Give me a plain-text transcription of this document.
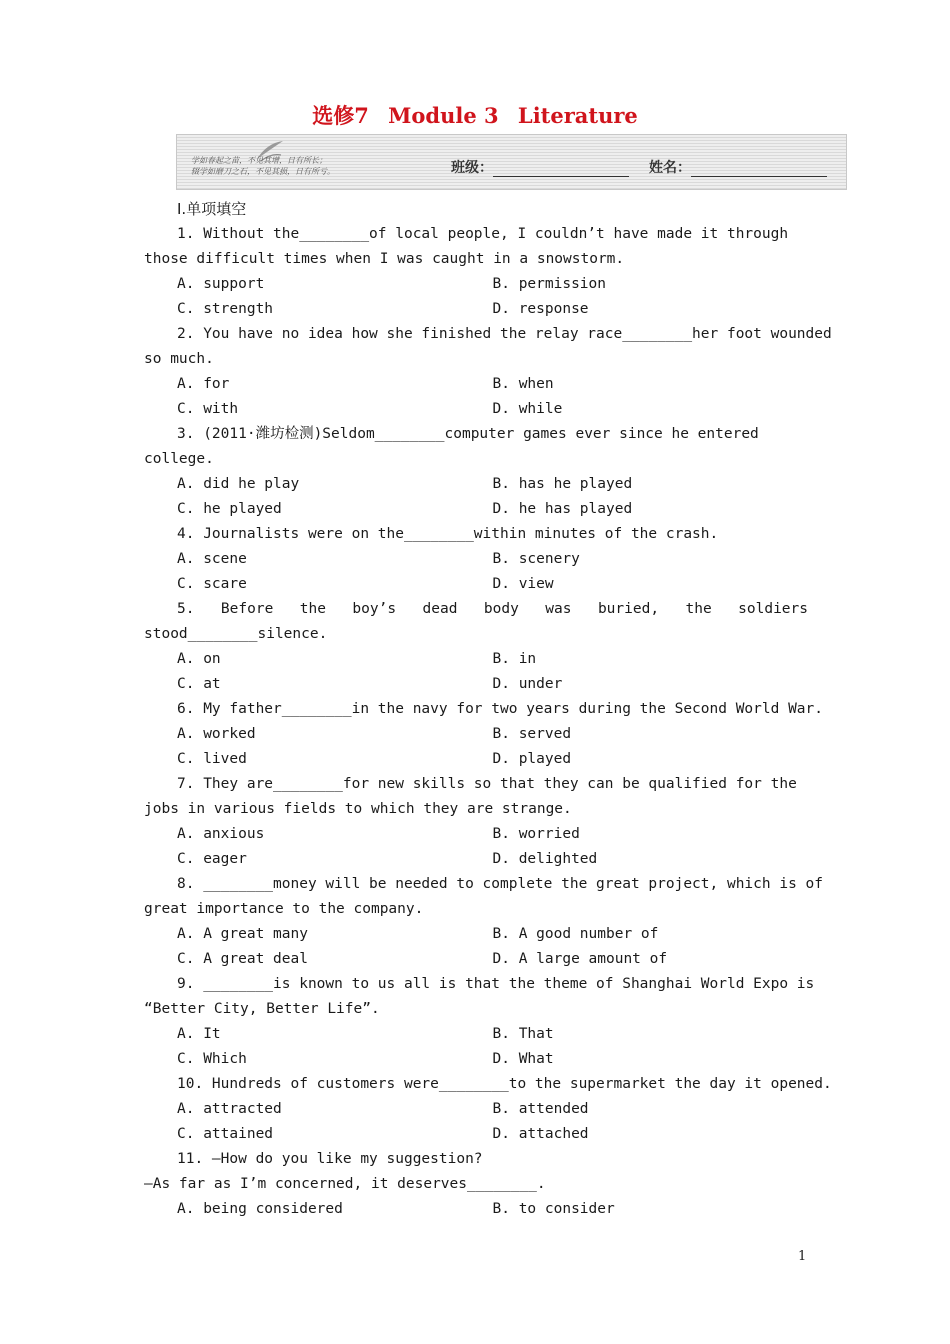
选修7 Module 3 Literature
学如春起之苗，不见其增，日有所长；
辍学如磨刀之石，不见其损，日有所亏。	班级：	姓名：
Ⅰ.单项填空
1. Without the________of local people, I couldn’t have made it through
those difficult times when I was caught in a snowstorm.
A. support	B. permission
C. strength	D. response
2. You have no idea how she finished the relay race________her foot wounded
so much.
A. for	B. when
C. with	D. while
3. (2011·潍坊检测)Seldom________computer games ever since he entered
college.
A. did he play	B. has he played
C. he played	D. he has played
4. Journalists were on the________within minutes of the crash.
A. scene	B. scenery
C. scare	D. view
5. Before the boy’s dead body was buried, the soldiers
stood________silence.
A. on	B. in
C. at	D. under
6. My father________in the navy for two years during the Second World War.
A. worked	B. served
C. lived	D. played
7. They are________for new skills so that they can be qualified for the
jobs in various fields to which they are strange.
A. anxious	B. worried
C. eager	D. delighted
8. ________money will be needed to complete the great project, which is of
great importance to the company.
A. A great many	B. A good number of
C. A great deal	D. A large amount of
9. ________is known to us all is that the theme of Shanghai World Expo is
“Better City, Better Life”.
A. It	B. That
C. Which	D. What
10. Hundreds of customers were________to the supermarket the day it opened.
A. attracted	B. attended
C. attained	D. attached
11. —How do you like my suggestion?
—As far as I’m concerned, it deserves________.
A. being considered	B. to consider
1
